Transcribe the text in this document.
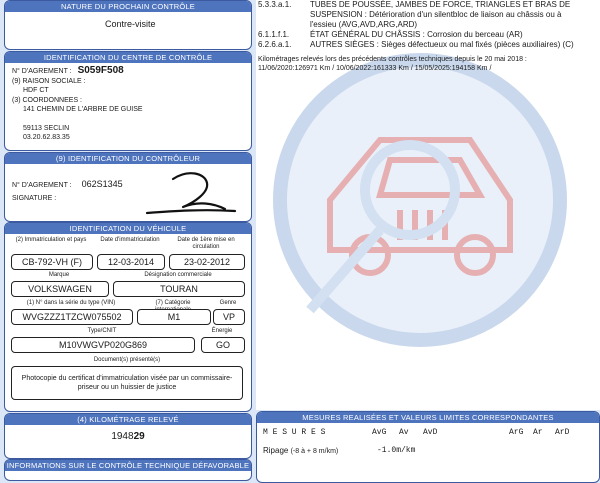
5.3.3.a.1.	TUBES DE POUSSÉE, JAMBES DE FORCE, TRIANGLES ET BRAS DE
SUSPENSION : Détérioration d'un silentbloc de liaison au châssis ou à
l'essieu (AVG,AVD,ARG,ARD)
6.1.1.f.1.	ÉTAT GÉNÉRAL DU CHÂSSIS : Corrosion du berceau (AR)
6.2.6.a.1.	AUTRES SIÈGES : Sièges défectueux ou mal fixés (pièces auxiliaires) (C)
Kilométrages relevés lors des précédents contrôles techniques depuis le 20 mai 2018 :
11/06/2020:126971 Km / 10/06/2022:161333 Km / 15/05/2025:194158 Km /
NATURE DU PROCHAIN CONTRÔLE
Contre-visite
IDENTIFICATION DU CENTRE DE CONTRÔLE
N° D'AGREMENT : S059F508
(9) RAISON SOCIALE :
HDF CT
(3) COORDONNEES :
141 CHEMIN DE L'ARBRE DE GUISE
59113 SECLIN
03.20.62.83.35
(9) IDENTIFICATION DU CONTRÔLEUR
N° D'AGREMENT : 062S1345
SIGNATURE :
IDENTIFICATION DU VÉHICULE
(2) Immatriculation et pays	Date d'immatriculation	Date de 1ère mise en circulation
CB-792-VH (F)	12-03-2014	23-02-2012
Marque	Désignation commerciale
VOLKSWAGEN	TOURAN
(1) N° dans la série du type (VIN)	(7) Catégorie	Genre
WVGZZZ1TZCW075502	M1	VP
Type/CNIT	Énergie
M10VWGVP020G869	GO
Document(s) présenté(s)
Photocopie du certificat d'immatriculation visée par un commissaire-priseur ou un huissier de justice
(4) KILOMÉTRAGE RELEVÉ
194829
INFORMATIONS SUR LE CONTRÔLE TECHNIQUE DÉFAVORABLE
MESURES REALISÉES ET VALEURS LIMITES CORRESPONDANTES
M E S U R E S	AvG Av AvD	ArG Ar ArD
Ripage (-8 à + 8 m/km)	-1.0m/km
